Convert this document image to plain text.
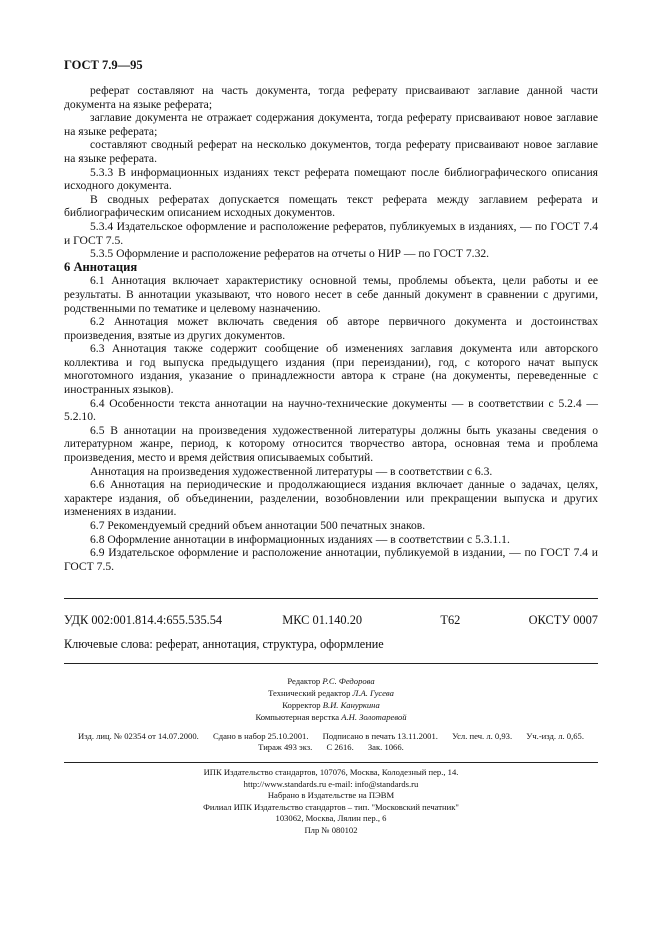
ГОСТ 7.9—95

реферат составляют на часть документа, тогда реферату присваивают заглавие данной части документа на языке реферата;

заглавие документа не отражает содержания документа, тогда реферату присваивают новое заглавие на языке реферата;

составляют сводный реферат на несколько документов, тогда реферату присваивают новое заглавие на языке реферата.

5.3.3 В информационных изданиях текст реферата помещают после библиографического описания исходного документа.

В сводных рефератах допускается помещать текст реферата между заглавием реферата и библиографическим описанием исходных документов.

5.3.4 Издательское оформление и расположение рефератов, публикуемых в изданиях, — по ГОСТ 7.4 и ГОСТ 7.5.

5.3.5 Оформление и расположение рефератов на отчеты о НИР — по ГОСТ 7.32.

6 Аннотация

6.1 Аннотация включает характеристику основной темы, проблемы объекта, цели работы и ее результаты. В аннотации указывают, что нового несет в себе данный документ в сравнении с другими, родственными по тематике и целевому назначению.

6.2 Аннотация может включать сведения об авторе первичного документа и достоинствах произведения, взятые из других документов.

6.3 Аннотация также содержит сообщение об изменениях заглавия документа или авторского коллектива и год выпуска предыдущего издания (при переиздании), год, с которого начат выпуск многотомного издания, указание о принадлежности автора к стране (на документы, переведенные с иностранных языков).

6.4 Особенности текста аннотации на научно-технические документы — в соответствии с 5.2.4 — 5.2.10.

6.5 В аннотации на произведения художественной литературы должны быть указаны сведения о литературном жанре, период, к которому относится творчество автора, основная тема и проблема произведения, место и время действия описываемых событий.

Аннотация на произведения художественной литературы — в соответствии с 6.3.

6.6 Аннотация на периодические и продолжающиеся издания включает данные о задачах, целях, характере издания, об объединении, разделении, возобновлении или прекращении выпуска и других изменениях в издании.

6.7 Рекомендуемый средний объем аннотации 500 печатных знаков.

6.8 Оформление аннотации в информационных изданиях — в соответствии с 5.3.1.1.

6.9 Издательское оформление и расположение аннотации, публикуемой в издании, — по ГОСТ 7.4 и ГОСТ 7.5.

УДК 002:001.814.4:655.535.54	МКС 01.140.20	Т62	ОКСТУ 0007
Ключевые слова: реферат, аннотация, структура, оформление
Редактор Р.С. Федорова
Технический редактор Л.А. Гусева
Корректор В.И. Кануркина
Компьютерная верстка А.Н. Золотаревой
Изд. лиц. № 02354 от 14.07.2000. Сдано в набор 25.10.2001. Подписано в печать 13.11.2001. Усл. печ. л. 0,93. Уч.-изд. л. 0,65.
Тираж 493 экз. С 2616. Зак. 1066.
ИПК Издательство стандартов, 107076, Москва, Колодезный пер., 14.
http://www.standards.ru e-mail: info@standards.ru
Набрано в Издательстве на ПЭВМ
Филиал ИПК Издательство стандартов – тип. "Московский печатник"
103062, Москва, Лялин пер., 6
Плр № 080102
